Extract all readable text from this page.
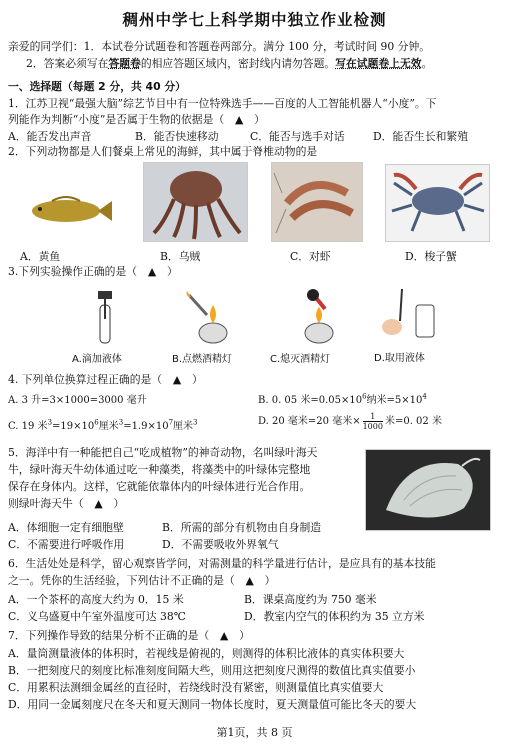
稠州中学七上科学期中独立作业检测
亲爱的同学们：1．本试卷分试题卷和答题卷两部分。满分 100 分，考试时间 90 分钟。
2．答案必须写在答题卷的相应答题区域内，密封线内请勿答题。写在试题卷上无效。
一、选择题（每题 2 分，共 40 分）
1．江苏卫视“最强大脑”综艺节目中有一位特殊选手——百度的人工智能机器人“小度”。下
列能作为判断“小度”是否属于生物的依据是（　▲　）
A．能否发出声音	B．能否快速移动	C．能否与选手对话	D．能否生长和繁殖
2．下列动物都是人们餐桌上常见的海鲜，其中属于脊椎动物的是
A．黄鱼	B．乌贼	C．对虾	D．梭子蟹
3.下列实验操作正确的是（　▲　）
A.滴加液体	B.点燃酒精灯	C.熄灭酒精灯	D.取用液体
4. 下列单位换算过程正确的是（　▲　）
A. 3 升=3×1000=3000 毫升	B. 0. 05 米$=0.05\times 10^6$纳米$=5\times 10^4$
C. 19 米$^3=19\times 10^6$厘米$^3=1.9\times 10^7$厘米$^3$	D. 20 毫米=20 毫米× $\frac{1}{1000}$ 米=0. 02 米
5．海洋中有一种能把自己“吃成植物”的神奇动物，名叫绿叶海天
牛，绿叶海天牛幼体通过吃一种藻类，将藻类中的叶绿体完整地
保存在身体内。这样，它就能依靠体内的叶绿体进行光合作用。
则绿叶海天牛（　▲　）
A．体细胞一定有细胞壁	B．所需的部分有机物由自身制造
C．不需要进行呼吸作用	D．不需要吸收外界氧气
6．生活处处是科学，留心观察皆学问，对需测量的科学量进行估计，是应具有的基本技能
之一。凭你的生活经验，下列估计不正确的是（　▲　）
A．一个茶杯的高度大约为 0．15 米	B．课桌高度约为 750 毫米
C．义乌盛夏中午室外温度可达 38℃	D．教室内空气的体积约为 35 立方米
7．下列操作导致的结果分析不正确的是（　▲　）
A．量筒测量液体的体积时，若视线是俯视的，则测得的体积比液体的真实体积要大
B．一把刻度尺的刻度比标准刻度间隔大些，则用这把刻度尺测得的数值比真实值要小
C．用累积法测细金属丝的直径时，若绕线时没有紧密，则测量值比真实值要大
D．用同一金属刻度尺在冬天和夏天测同一物体长度时，夏天测量值可能比冬天的要大
第1页，共 8 页
